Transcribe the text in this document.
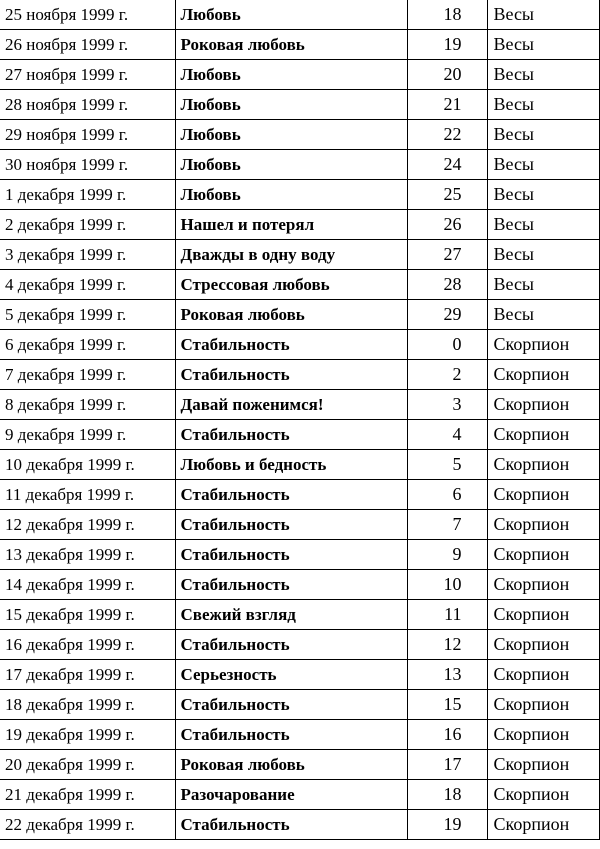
25 ноября 1999 г.	Любовь	18	Весы
26 ноября 1999 г.	Роковая любовь	19	Весы
27 ноября 1999 г.	Любовь	20	Весы
28 ноября 1999 г.	Любовь	21	Весы
29 ноября 1999 г.	Любовь	22	Весы
30 ноября 1999 г.	Любовь	24	Весы
1 декабря 1999 г.	Любовь	25	Весы
2 декабря 1999 г.	Нашел и потерял	26	Весы
3 декабря 1999 г.	Дважды в одну воду	27	Весы
4 декабря 1999 г.	Стрессовая любовь	28	Весы
5 декабря 1999 г.	Роковая любовь	29	Весы
6 декабря 1999 г.	Стабильность	0	Скорпион
7 декабря 1999 г.	Стабильность	2	Скорпион
8 декабря 1999 г.	Давай поженимся!	3	Скорпион
9 декабря 1999 г.	Стабильность	4	Скорпион
10 декабря 1999 г.	Любовь и бедность	5	Скорпион
11 декабря 1999 г.	Стабильность	6	Скорпион
12 декабря 1999 г.	Стабильность	7	Скорпион
13 декабря 1999 г.	Стабильность	9	Скорпион
14 декабря 1999 г.	Стабильность	10	Скорпион
15 декабря 1999 г.	Свежий взгляд	11	Скорпион
16 декабря 1999 г.	Стабильность	12	Скорпион
17 декабря 1999 г.	Серьезность	13	Скорпион
18 декабря 1999 г.	Стабильность	15	Скорпион
19 декабря 1999 г.	Стабильность	16	Скорпион
20 декабря 1999 г.	Роковая любовь	17	Скорпион
21 декабря 1999 г.	Разочарование	18	Скорпион
22 декабря 1999 г.	Стабильность	19	Скорпион
